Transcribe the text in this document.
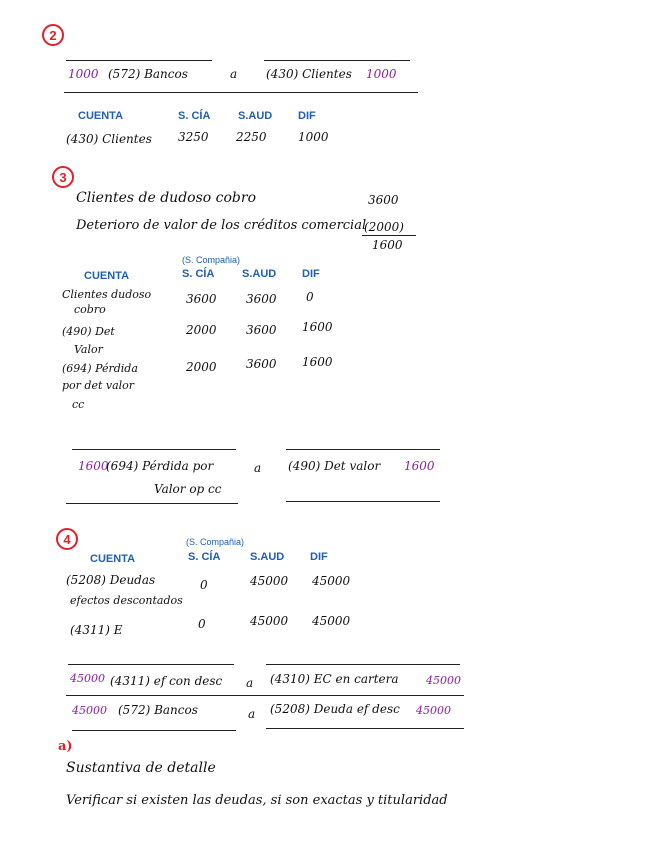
2
1000 (572) Bancos	a (430) Clientes 1000
CUENTA	S. CÍA	S.AUD DIF
(430) Clientes 3250 2250	1000
3
Clientes de dudoso cobro	3600
Deterioro de valor de los créditos comercial
(2000)
1600
(S. Compañia)
CUENTA	S. CÍA	S.AUD DIF
Clientes dudoso
cobro
3600 3600 0
(490) Det
Valor
2000 3600 1600
(694) Pérdida
por det valor
cc
2000 3600 1600
1600
(694) Pérdida por
Valor op cc
a (490) Det valor 1600
4	(S. Compañia)
CUENTA	S. CÍA	S.AUD DIF
(5208) Deudas
efectos descontados
0	45000 45000
(4311) E	0	45000 45000
45000 (4311) ef con desc a (4310) EC en cartera 45000
45000 (572) Bancos	a (5208) Deuda ef desc 45000
a)
Sustantiva de detalle
Verificar si existen las deudas, si son exactas y titularidad
